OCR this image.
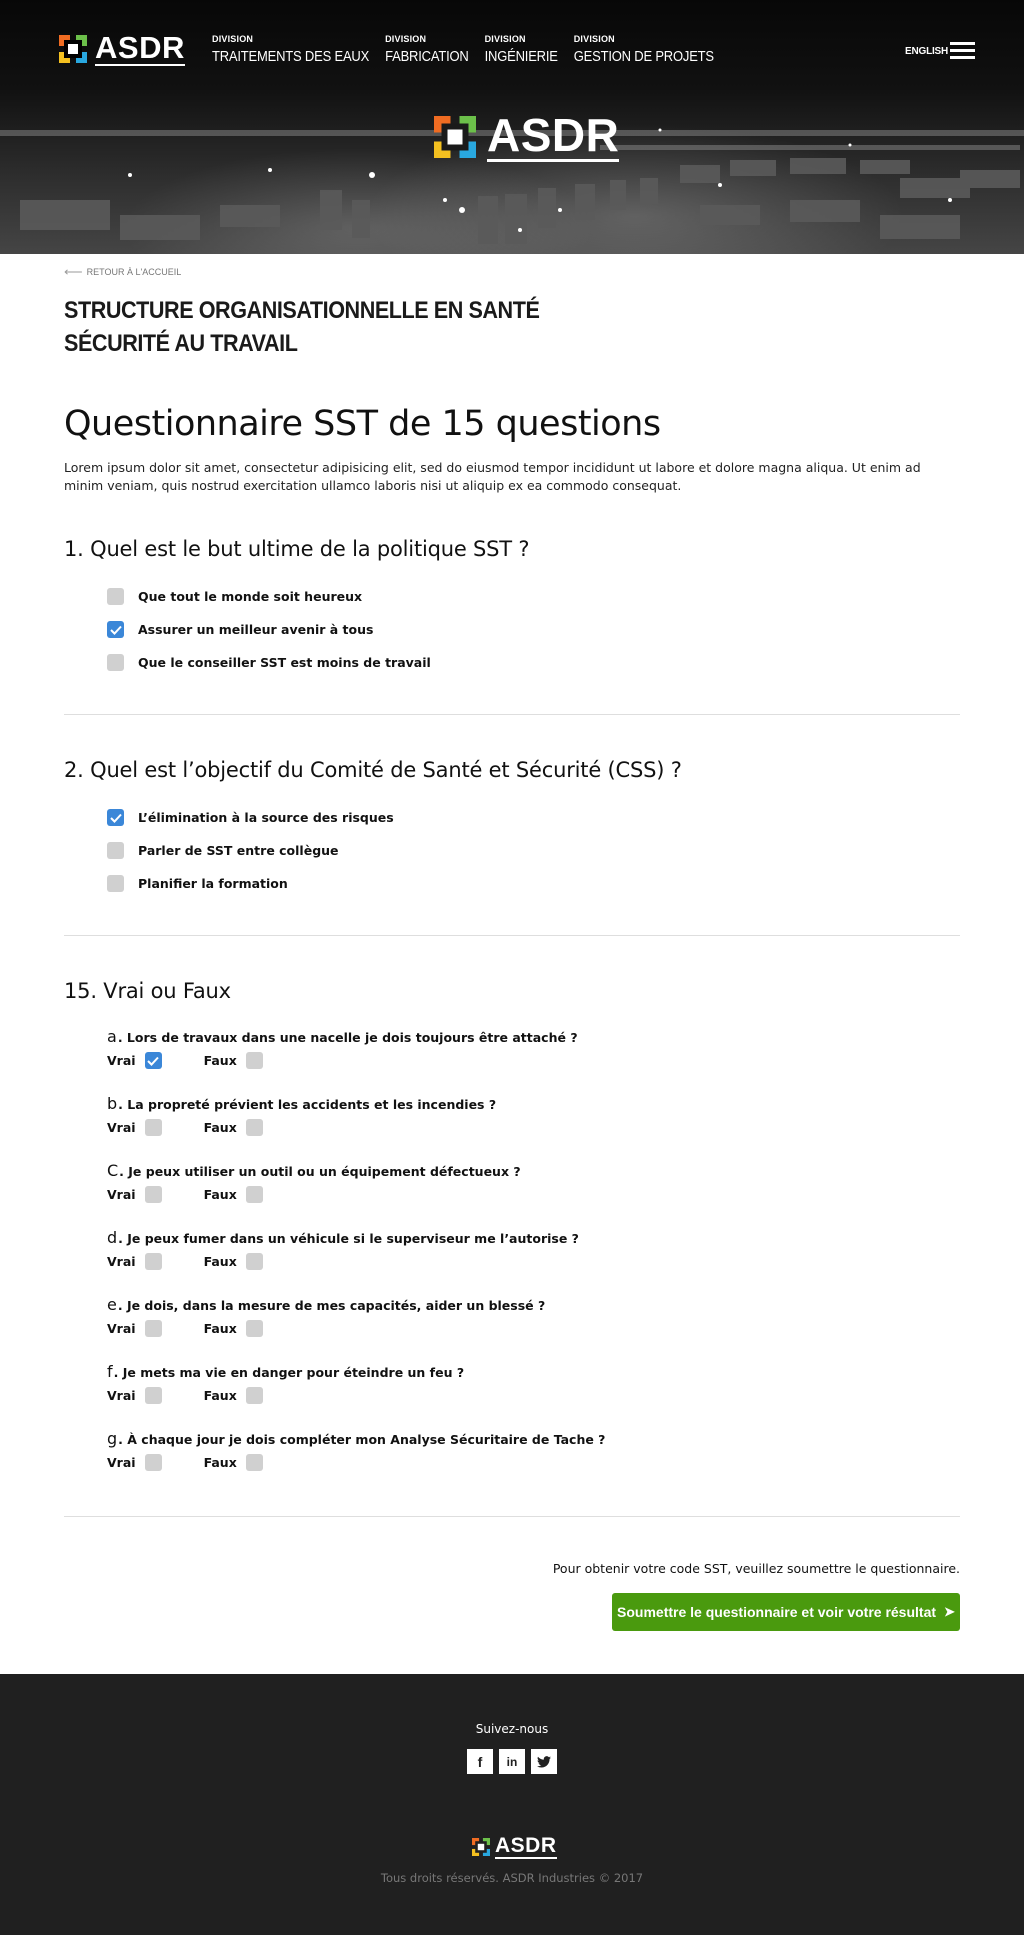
ASDR	DIVISION
TRAITEMENTS DES EAUX
DIVISION
FABRICATION
DIVISION
INGÉNIERIE
DIVISION
GESTION DE PROJETS	ENGLISH
ASDR
⟵ RETOUR À L'ACCUEIL
STRUCTURE ORGANISATIONNELLE EN SANTÉ
SÉCURITÉ AU TRAVAIL
Questionnaire SST de 15 questions

Lorem ipsum dolor sit amet, consectetur adipisicing elit, sed do eiusmod tempor incididunt ut labore et dolore magna aliqua. Ut enim ad minim veniam, quis nostrud exercitation ullamco laboris nisi ut aliquip ex ea commodo consequat.

1. Quel est le but ultime de la politique SST ?
Que tout le monde soit heureux
Assurer un meilleur avenir à tous
Que le conseiller SST est moins de travail
2. Quel est l’objectif du Comité de Santé et Sécurité (CSS) ?
L’élimination à la source des risques
Parler de SST entre collègue
Planifier la formation
15. Vrai ou Faux
a. Lors de travaux dans une nacelle je dois toujours être attaché ?
Vrai	Faux
b. La propreté prévient les accidents et les incendies ?
Vrai	Faux
C. Je peux utiliser un outil ou un équipement défectueux ?
Vrai	Faux
d. Je peux fumer dans un véhicule si le superviseur me l’autorise ?
Vrai	Faux
e. Je dois, dans la mesure de mes capacités, aider un blessé ?
Vrai	Faux
f. Je mets ma vie en danger pour éteindre un feu ?
Vrai	Faux
g. À chaque jour je dois compléter mon Analyse Sécuritaire de Tache ?
Vrai	Faux

Pour obtenir votre code SST, veuillez soumettre le questionnaire.

Soumettre le questionnaire et voir votre résultat ➤

Suivez-nous

f	in
ASDR

Tous droits réservés. ASDR Industries © 2017
